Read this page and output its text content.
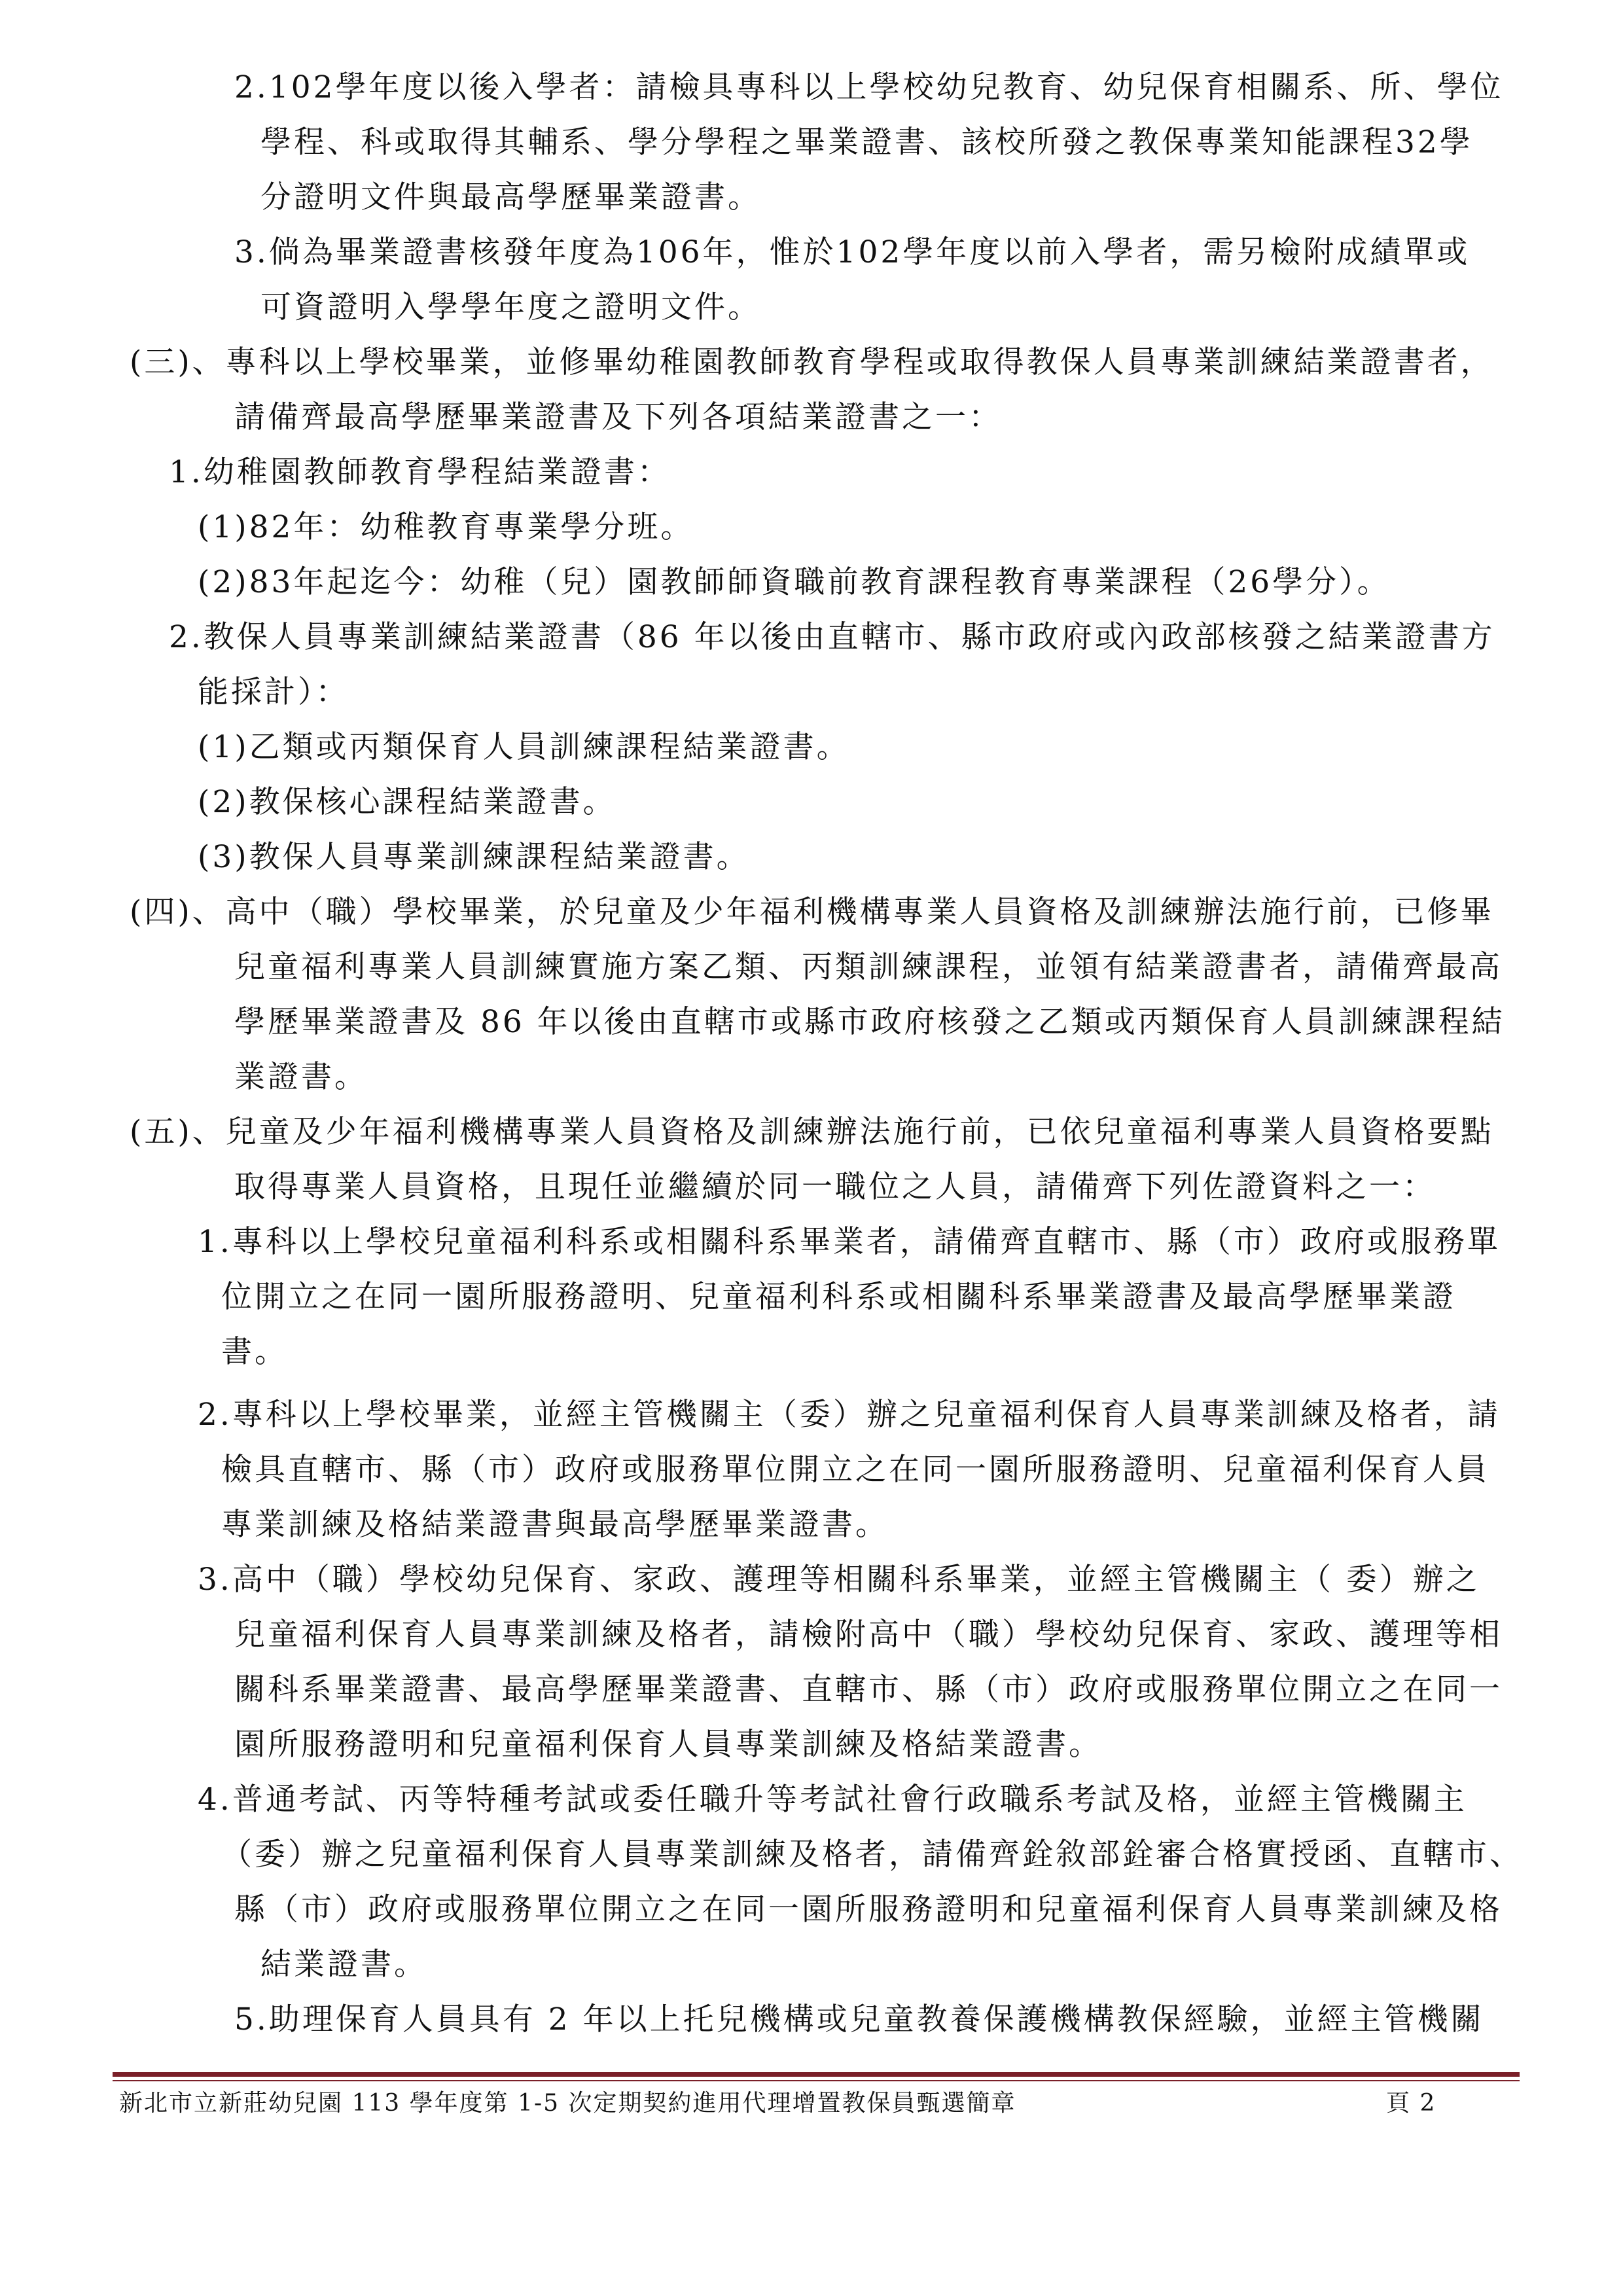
2.102學年度以後入學者：請檢具專科以上學校幼兒教育、幼兒保育相關系、所、學位
學程、科或取得其輔系、學分學程之畢業證書、該校所發之教保專業知能課程32學
分證明文件與最高學歷畢業證書。
3.倘為畢業證書核發年度為106年，惟於102學年度以前入學者，需另檢附成績單或
可資證明入學學年度之證明文件。
(三)、專科以上學校畢業，並修畢幼稚園教師教育學程或取得教保人員專業訓練結業證書者，
請備齊最高學歷畢業證書及下列各項結業證書之一：
1.幼稚園教師教育學程結業證書：
(1)82年：幼稚教育專業學分班。
(2)83年起迄今：幼稚（兒）園教師師資職前教育課程教育專業課程（26學分）。
2.教保人員專業訓練結業證書（86 年以後由直轄市、縣市政府或內政部核發之結業證書方
能採計）：
(1)乙類或丙類保育人員訓練課程結業證書。
(2)教保核心課程結業證書。
(3)教保人員專業訓練課程結業證書。
(四)、高中（職）學校畢業，於兒童及少年福利機構專業人員資格及訓練辦法施行前，已修畢
兒童福利專業人員訓練實施方案乙類、丙類訓練課程，並領有結業證書者，請備齊最高
學歷畢業證書及 86 年以後由直轄市或縣市政府核發之乙類或丙類保育人員訓練課程結
業證書。
(五)、兒童及少年福利機構專業人員資格及訓練辦法施行前，已依兒童福利專業人員資格要點
取得專業人員資格，且現任並繼續於同一職位之人員，請備齊下列佐證資料之一：
1.專科以上學校兒童福利科系或相關科系畢業者，請備齊直轄市、縣（市）政府或服務單
位開立之在同一園所服務證明、兒童福利科系或相關科系畢業證書及最高學歷畢業證
書。
2.專科以上學校畢業，並經主管機關主（委）辦之兒童福利保育人員專業訓練及格者，請
檢具直轄市、縣（市）政府或服務單位開立之在同一園所服務證明、兒童福利保育人員
專業訓練及格結業證書與最高學歷畢業證書。
3.高中（職）學校幼兒保育、家政、護理等相關科系畢業，並經主管機關主（ 委）辦之
兒童福利保育人員專業訓練及格者，請檢附高中（職）學校幼兒保育、家政、護理等相
關科系畢業證書、最高學歷畢業證書、直轄市、縣（市）政府或服務單位開立之在同一
園所服務證明和兒童福利保育人員專業訓練及格結業證書。
4.普通考試、丙等特種考試或委任職升等考試社會行政職系考試及格，並經主管機關主
（委）辦之兒童福利保育人員專業訓練及格者，請備齊銓敘部銓審合格實授函、直轄市、
縣（市）政府或服務單位開立之在同一園所服務證明和兒童福利保育人員專業訓練及格
結業證書。
5.助理保育人員具有 2 年以上托兒機構或兒童教養保護機構教保經驗，並經主管機關
新北市立新莊幼兒園 113 學年度第 1-5 次定期契約進用代理增置教保員甄選簡章	頁 2
